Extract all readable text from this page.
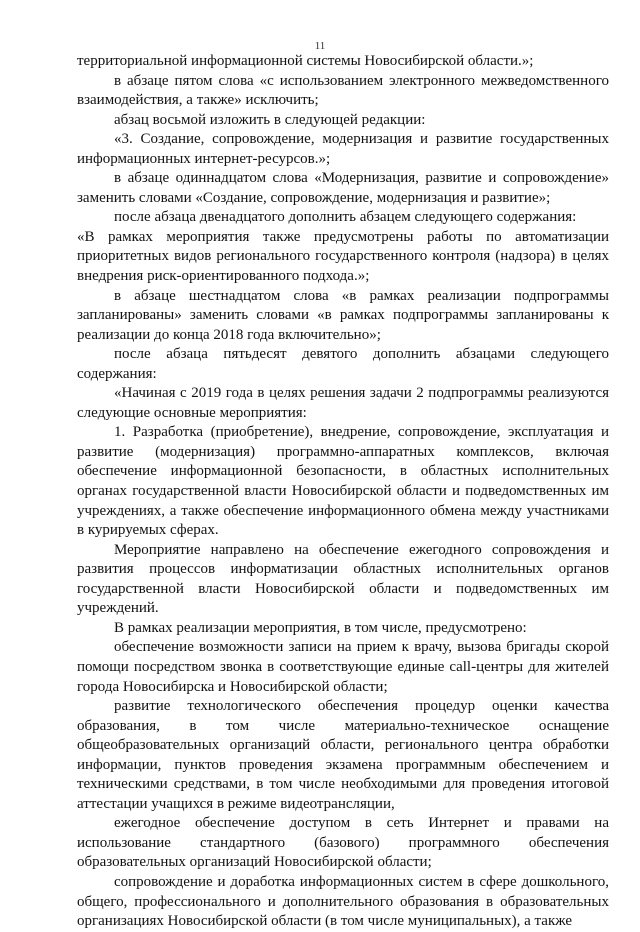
11

территориальной информационной системы Новосибирской области.»;

в абзаце пятом слова «с использованием электронного межведомственного взаимодействия, а также» исключить;

абзац восьмой изложить в следующей редакции:

«3. Создание, сопровождение, модернизация и развитие государственных информационных интернет-ресурсов.»;

в абзаце одиннадцатом слова «Модернизация, развитие и сопровождение» заменить словами «Создание, сопровождение, модернизация и развитие»;

после абзаца двенадцатого дополнить абзацем следующего содержания:

«В рамках мероприятия также предусмотрены работы по автоматизации приоритетных видов регионального государственного контроля (надзора) в целях внедрения риск-ориентированного подхода.»;

в абзаце шестнадцатом слова «в рамках реализации подпрограммы запланированы» заменить словами «в рамках подпрограммы запланированы к реализации до конца 2018 года включительно»;

после абзаца пятьдесят девятого дополнить абзацами следующего содержания:

«Начиная с 2019 года в целях решения задачи 2 подпрограммы реализуются следующие основные мероприятия:

1. Разработка (приобретение), внедрение, сопровождение, эксплуатация и развитие (модернизация) программно-аппаратных комплексов, включая обеспечение информационной безопасности, в областных исполнительных органах государственной власти Новосибирской области и подведомственных им учреждениях, а также обеспечение информационного обмена между участниками в курируемых сферах.

Мероприятие направлено на обеспечение ежегодного сопровождения и развития процессов информатизации областных исполнительных органов государственной власти Новосибирской области и подведомственных им учреждений.

В рамках реализации мероприятия, в том числе, предусмотрено:

обеспечение возможности записи на прием к врачу, вызова бригады скорой помощи посредством звонка в соответствующие единые call-центры для жителей города Новосибирска и Новосибирской области;

развитие технологического обеспечения процедур оценки качества образования, в том числе материально-техническое оснащение общеобразовательных организаций области, регионального центра обработки информации, пунктов проведения экзамена программным обеспечением и техническими средствами, в том числе необходимыми для проведения итоговой аттестации учащихся в режиме видеотрансляции,

ежегодное обеспечение доступом в сеть Интернет и правами на использование стандартного (базового) программного обеспечения образовательных организаций Новосибирской области;

сопровождение и доработка информационных систем в сфере дошкольного, общего, профессионального и дополнительного образования в образовательных организациях Новосибирской области (в том числе муниципальных), а также
